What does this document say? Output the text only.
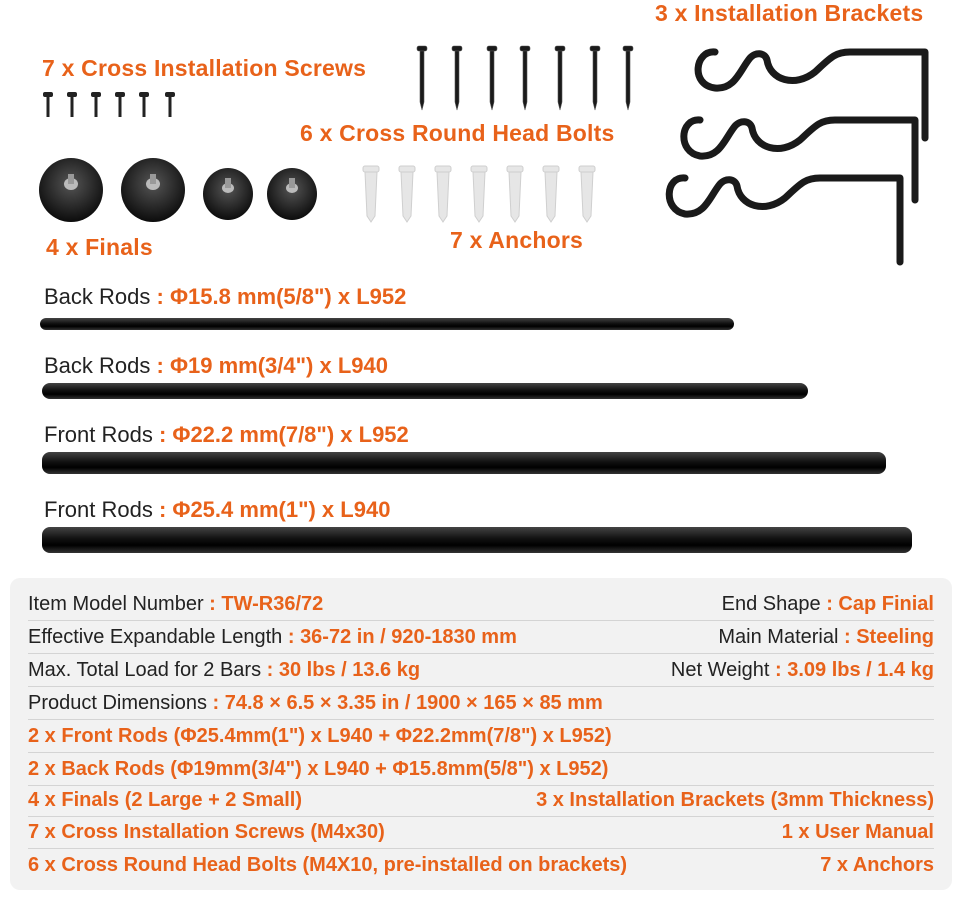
7 x Cross Installation Screws
6 x Cross Round Head Bolts
3 x Installation Brackets
4 x Finals	7 x Anchors
Back Rods : Φ15.8 mm(5/8") x L952
Back Rods : Φ19 mm(3/4") x L940
Front Rods : Φ22.2 mm(7/8") x L952
Front Rods : Φ25.4 mm(1") x L940
Item Model Number : TW-R36/72	End Shape : Cap Finial
Effective Expandable Length : 36-72 in / 920-1830 mm	Main Material : Steeling
Max. Total Load for 2 Bars : 30 lbs / 13.6 kg	Net Weight : 3.09 lbs / 1.4 kg
Product Dimensions : 74.8 × 6.5 × 3.35 in / 1900 × 165 × 85 mm
2 x Front Rods (Φ25.4mm(1") x L940 + Φ22.2mm(7/8") x L952)
2 x Back Rods (Φ19mm(3/4") x L940 + Φ15.8mm(5/8") x L952)
4 x Finals (2 Large + 2 Small)	3 x Installation Brackets (3mm Thickness)
7 x Cross Installation Screws (M4x30)	1 x User Manual
6 x Cross Round Head Bolts (M4X10, pre-installed on brackets)	7 x Anchors
